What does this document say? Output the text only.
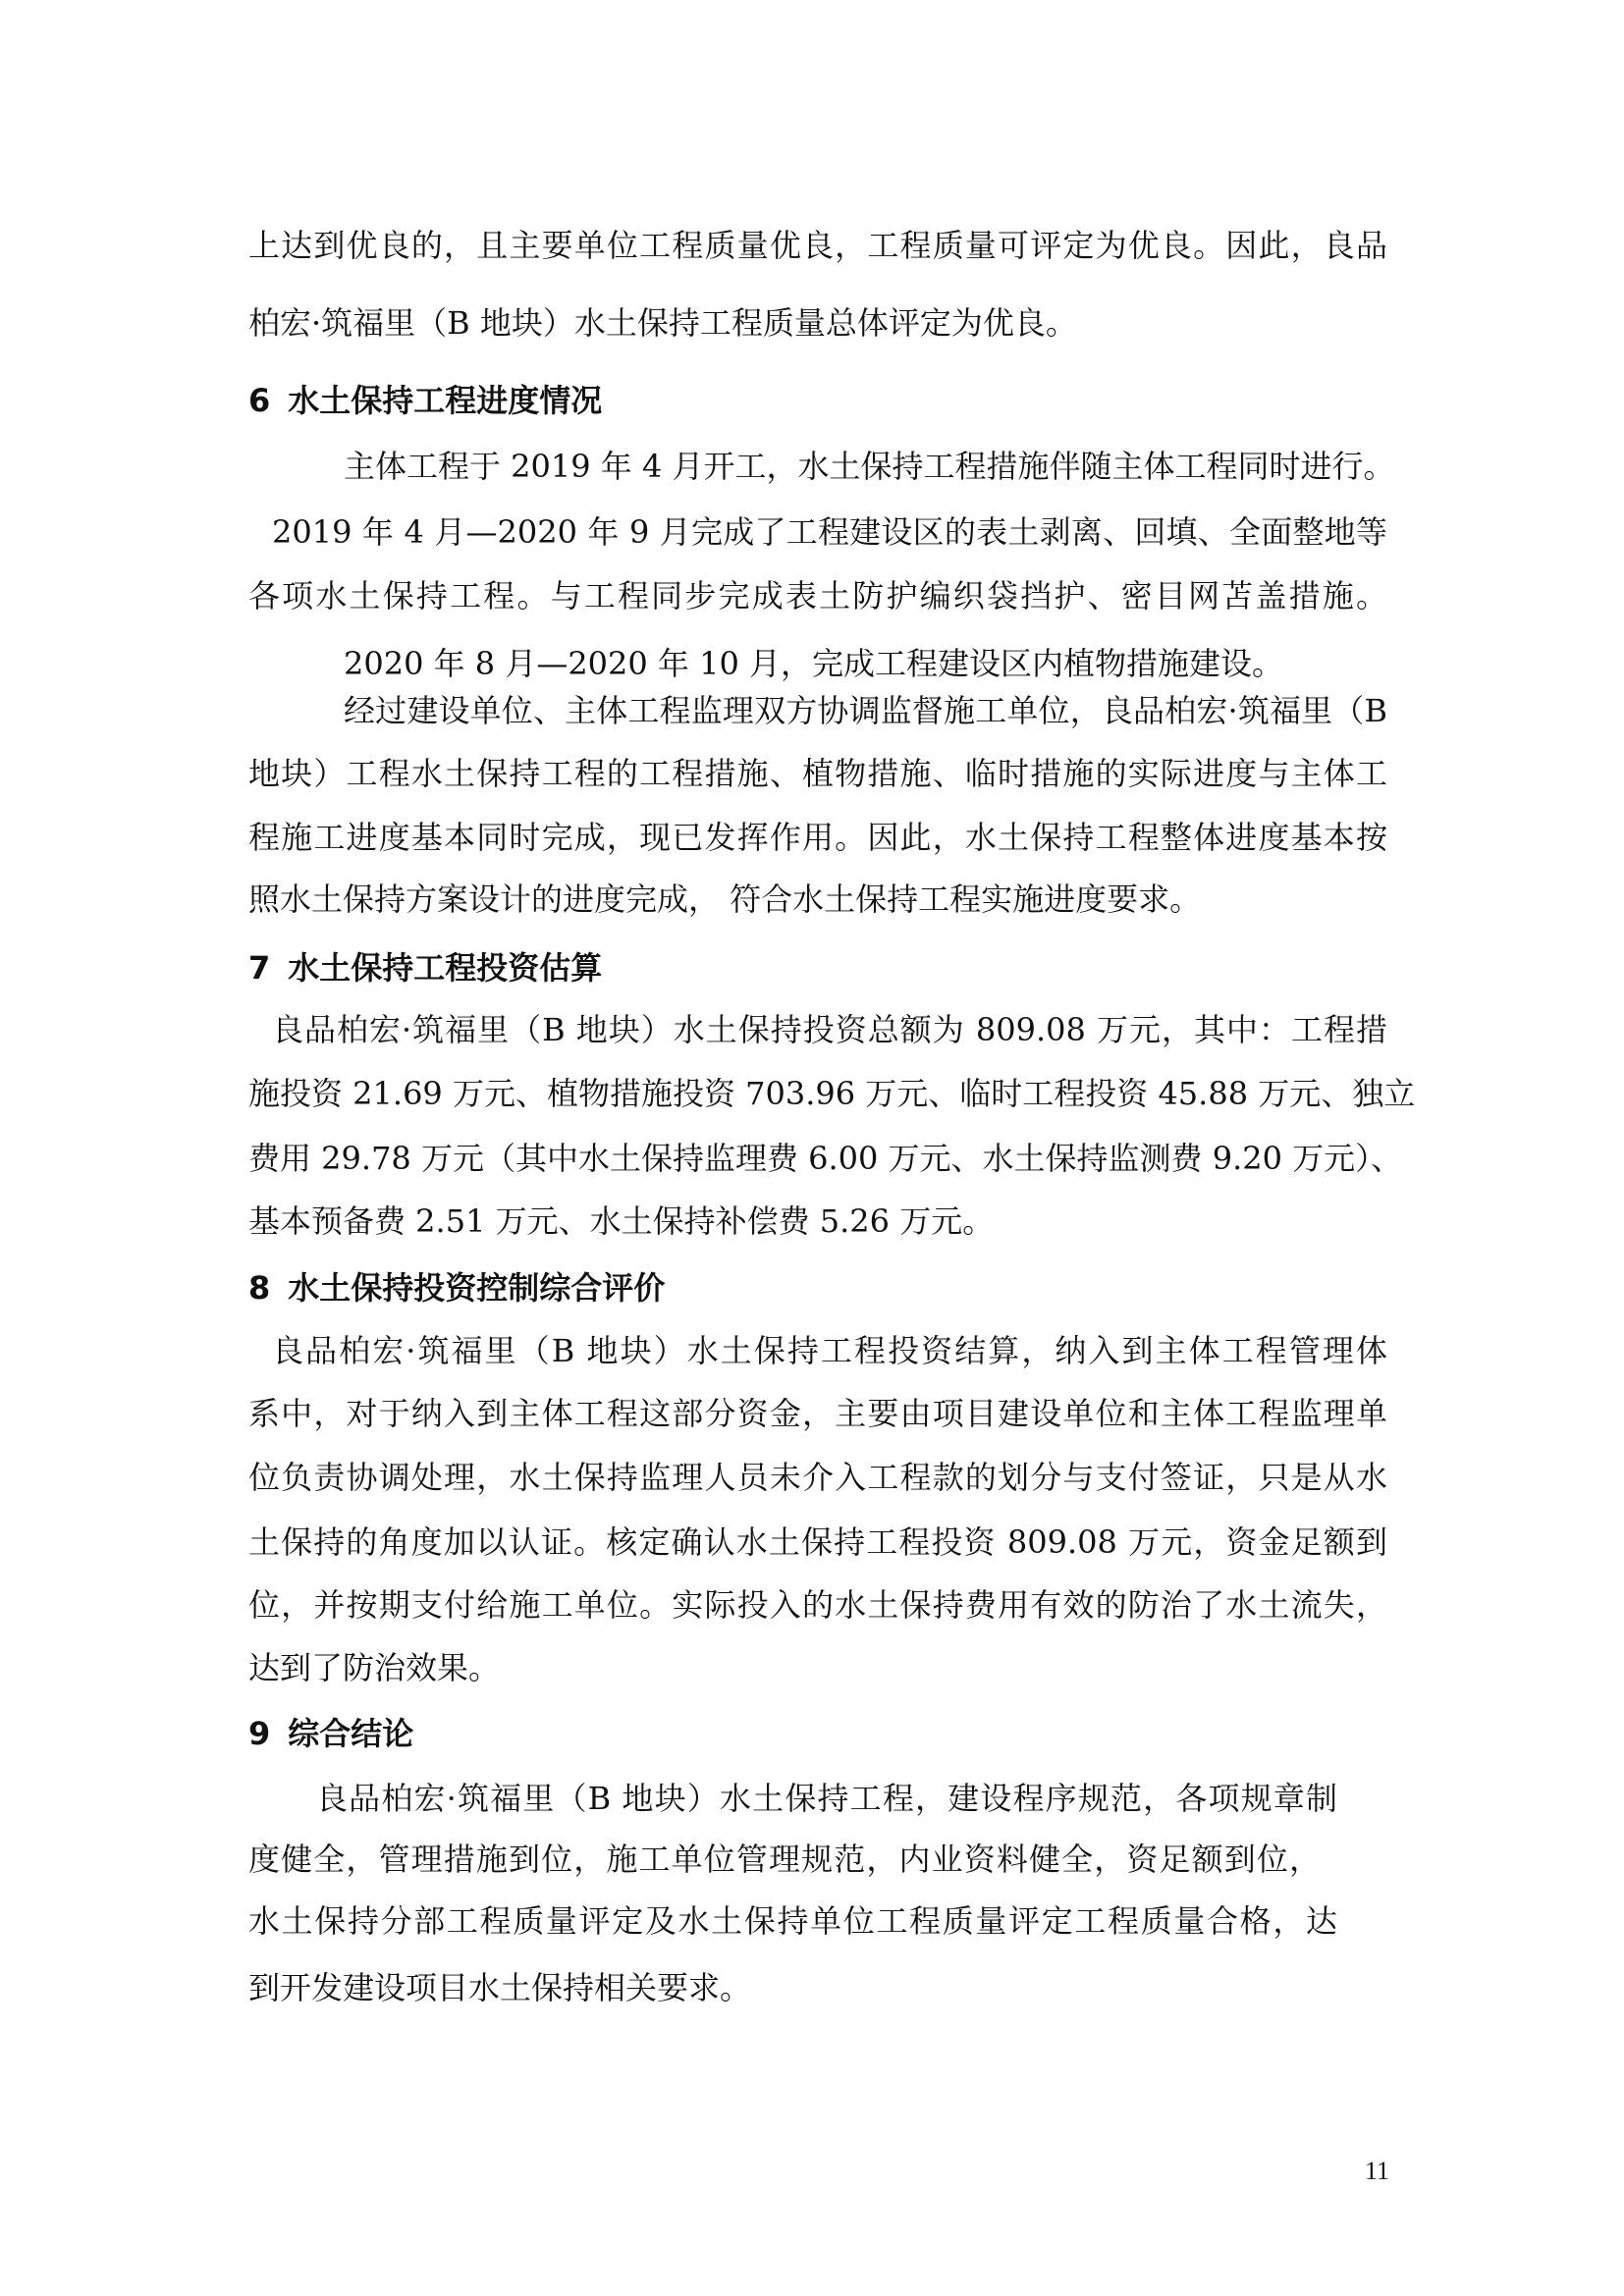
上达到优良的，且主要单位工程质量优良，工程质量可评定为优良。因此，良品
柏宏·筑福里（B 地块）水土保持工程质量总体评定为优良。
6 水土保持工程进度情况
主体工程于 2019 年 4 月开工，水土保持工程措施伴随主体工程同时进行。
2019 年 4 月—2020 年 9 月完成了工程建设区的表土剥离、回填、全面整地等
各项水土保持工程。与工程同步完成表土防护编织袋挡护、密目网苫盖措施。
2020 年 8 月—2020 年 10 月，完成工程建设区内植物措施建设。
经过建设单位、主体工程监理双方协调监督施工单位，良品柏宏·筑福里（B
地块）工程水土保持工程的工程措施、植物措施、临时措施的实际进度与主体工
程施工进度基本同时完成，现已发挥作用。因此，水土保持工程整体进度基本按
照水土保持方案设计的进度完成， 符合水土保持工程实施进度要求。
7 水土保持工程投资估算
良品柏宏·筑福里（B 地块）水土保持投资总额为 809.08 万元，其中：工程措
施投资 21.69 万元、植物措施投资 703.96 万元、临时工程投资 45.88 万元、独立
费用 29.78 万元（其中水土保持监理费 6.00 万元、水土保持监测费 9.20 万元）、
基本预备费 2.51 万元、水土保持补偿费 5.26 万元。
8 水土保持投资控制综合评价
良品柏宏·筑福里（B 地块）水土保持工程投资结算，纳入到主体工程管理体
系中，对于纳入到主体工程这部分资金，主要由项目建设单位和主体工程监理单
位负责协调处理，水土保持监理人员未介入工程款的划分与支付签证，只是从水
土保持的角度加以认证。核定确认水土保持工程投资 809.08 万元，资金足额到
位，并按期支付给施工单位。实际投入的水土保持费用有效的防治了水土流失，
达到了防治效果。
9 综合结论
良品柏宏·筑福里（B 地块）水土保持工程，建设程序规范，各项规章制
度健全，管理措施到位，施工单位管理规范，内业资料健全，资足额到位，
水土保持分部工程质量评定及水土保持单位工程质量评定工程质量合格，达
到开发建设项目水土保持相关要求。
11
